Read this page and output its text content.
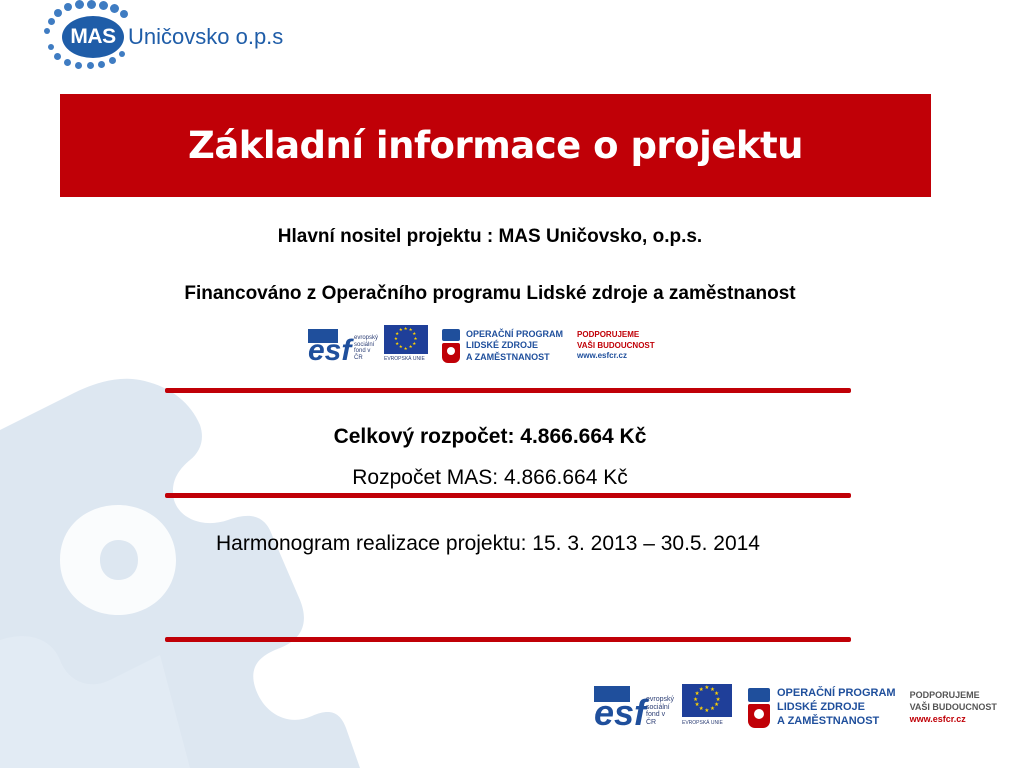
MAS Uničovsko o.p.s
Základní informace o projektu
Hlavní nositel projektu : MAS Uničovsko, o.p.s.
Financováno z Operačního programu Lidské zdroje a zaměstnanost
esf evropský
sociální
fond v ČR
★
★
★
★
★
★
★
★
★ ★ ★
★
EVROPSKÁ UNIE
OPERAČNÍ PROGRAM
LIDSKÉ ZDROJE
A ZAMĚSTNANOST
PODPORUJEME
VAŠI BUDOUCNOST
www.esfcr.cz
Celkový rozpočet: 4.866.664 Kč
Rozpočet MAS: 4.866.664 Kč
Harmonogram realizace projektu: 15. 3. 2013 – 30.5. 2014
esf evropský
sociální
fond v ČR
★
★
★
★
★
★
★
★
★ ★ ★
★
EVROPSKÁ UNIE
OPERAČNÍ PROGRAM
LIDSKÉ ZDROJE
A ZAMĚSTNANOST
PODPORUJEME
VAŠI BUDOUCNOST
www.esfcr.cz
